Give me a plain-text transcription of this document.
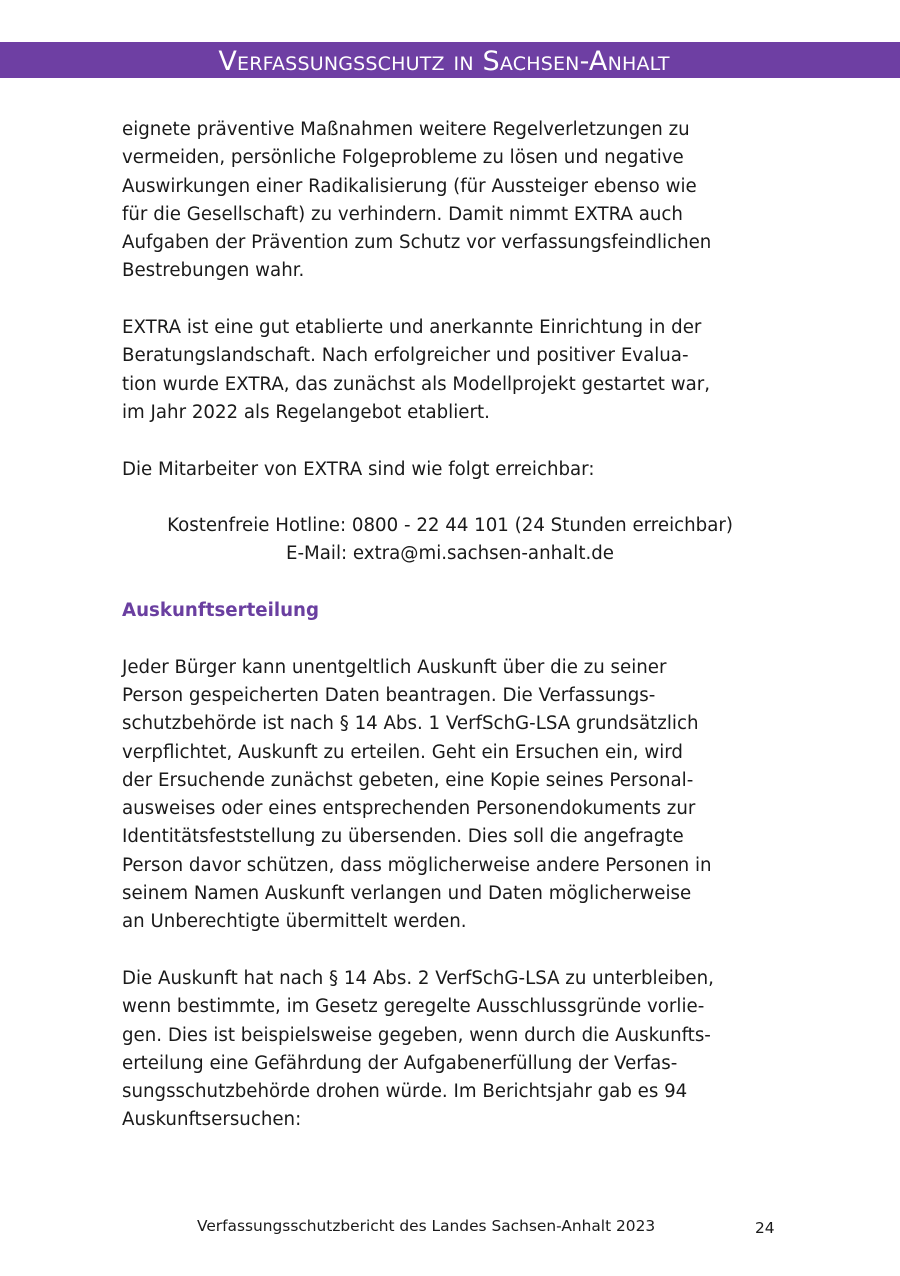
Verfassungsschutz in Sachsen-Anhalt

eignete präventive Maßnahmen weitere Regelverletzungen zu
vermeiden, persönliche Folgeprobleme zu lösen und negative
Auswirkungen einer Radikalisierung (für Aussteiger ebenso wie
für die Gesellschaft) zu verhindern. Damit nimmt EXTRA auch
Aufgaben der Prävention zum Schutz vor verfassungsfeindlichen
Bestrebungen wahr.

EXTRA ist eine gut etablierte und anerkannte Einrichtung in der
Beratungslandschaft. Nach erfolgreicher und positiver Evalua-
tion wurde EXTRA, das zunächst als Modellprojekt gestartet war,
im Jahr 2022 als Regelangebot etabliert.

Die Mitarbeiter von EXTRA sind wie folgt erreichbar:

Kostenfreie Hotline: 0800 - 22 44 101 (24 Stunden erreichbar)
E-Mail: extra@mi.sachsen-anhalt.de

Auskunftserteilung

Jeder Bürger kann unentgeltlich Auskunft über die zu seiner
Person gespeicherten Daten beantragen. Die Verfassungs-
schutzbehörde ist nach § 14 Abs. 1 VerfSchG-LSA grundsätzlich
verpflichtet, Auskunft zu erteilen. Geht ein Ersuchen ein, wird
der Ersuchende zunächst gebeten, eine Kopie seines Personal-
ausweises oder eines entsprechenden Personendokuments zur
Identitätsfeststellung zu übersenden. Dies soll die angefragte
Person davor schützen, dass möglicherweise andere Personen in
seinem Namen Auskunft verlangen und Daten möglicherweise
an Unberechtigte übermittelt werden.

Die Auskunft hat nach § 14 Abs. 2 VerfSchG-LSA zu unterbleiben,
wenn bestimmte, im Gesetz geregelte Ausschlussgründe vorlie-
gen. Dies ist beispielsweise gegeben, wenn durch die Auskunfts-
erteilung eine Gefährdung der Aufgabenerfüllung der Verfas-
sungsschutzbehörde drohen würde. Im Berichtsjahr gab es 94
Auskunftsersuchen:

Verfassungsschutzbericht des Landes Sachsen-Anhalt 2023	24
